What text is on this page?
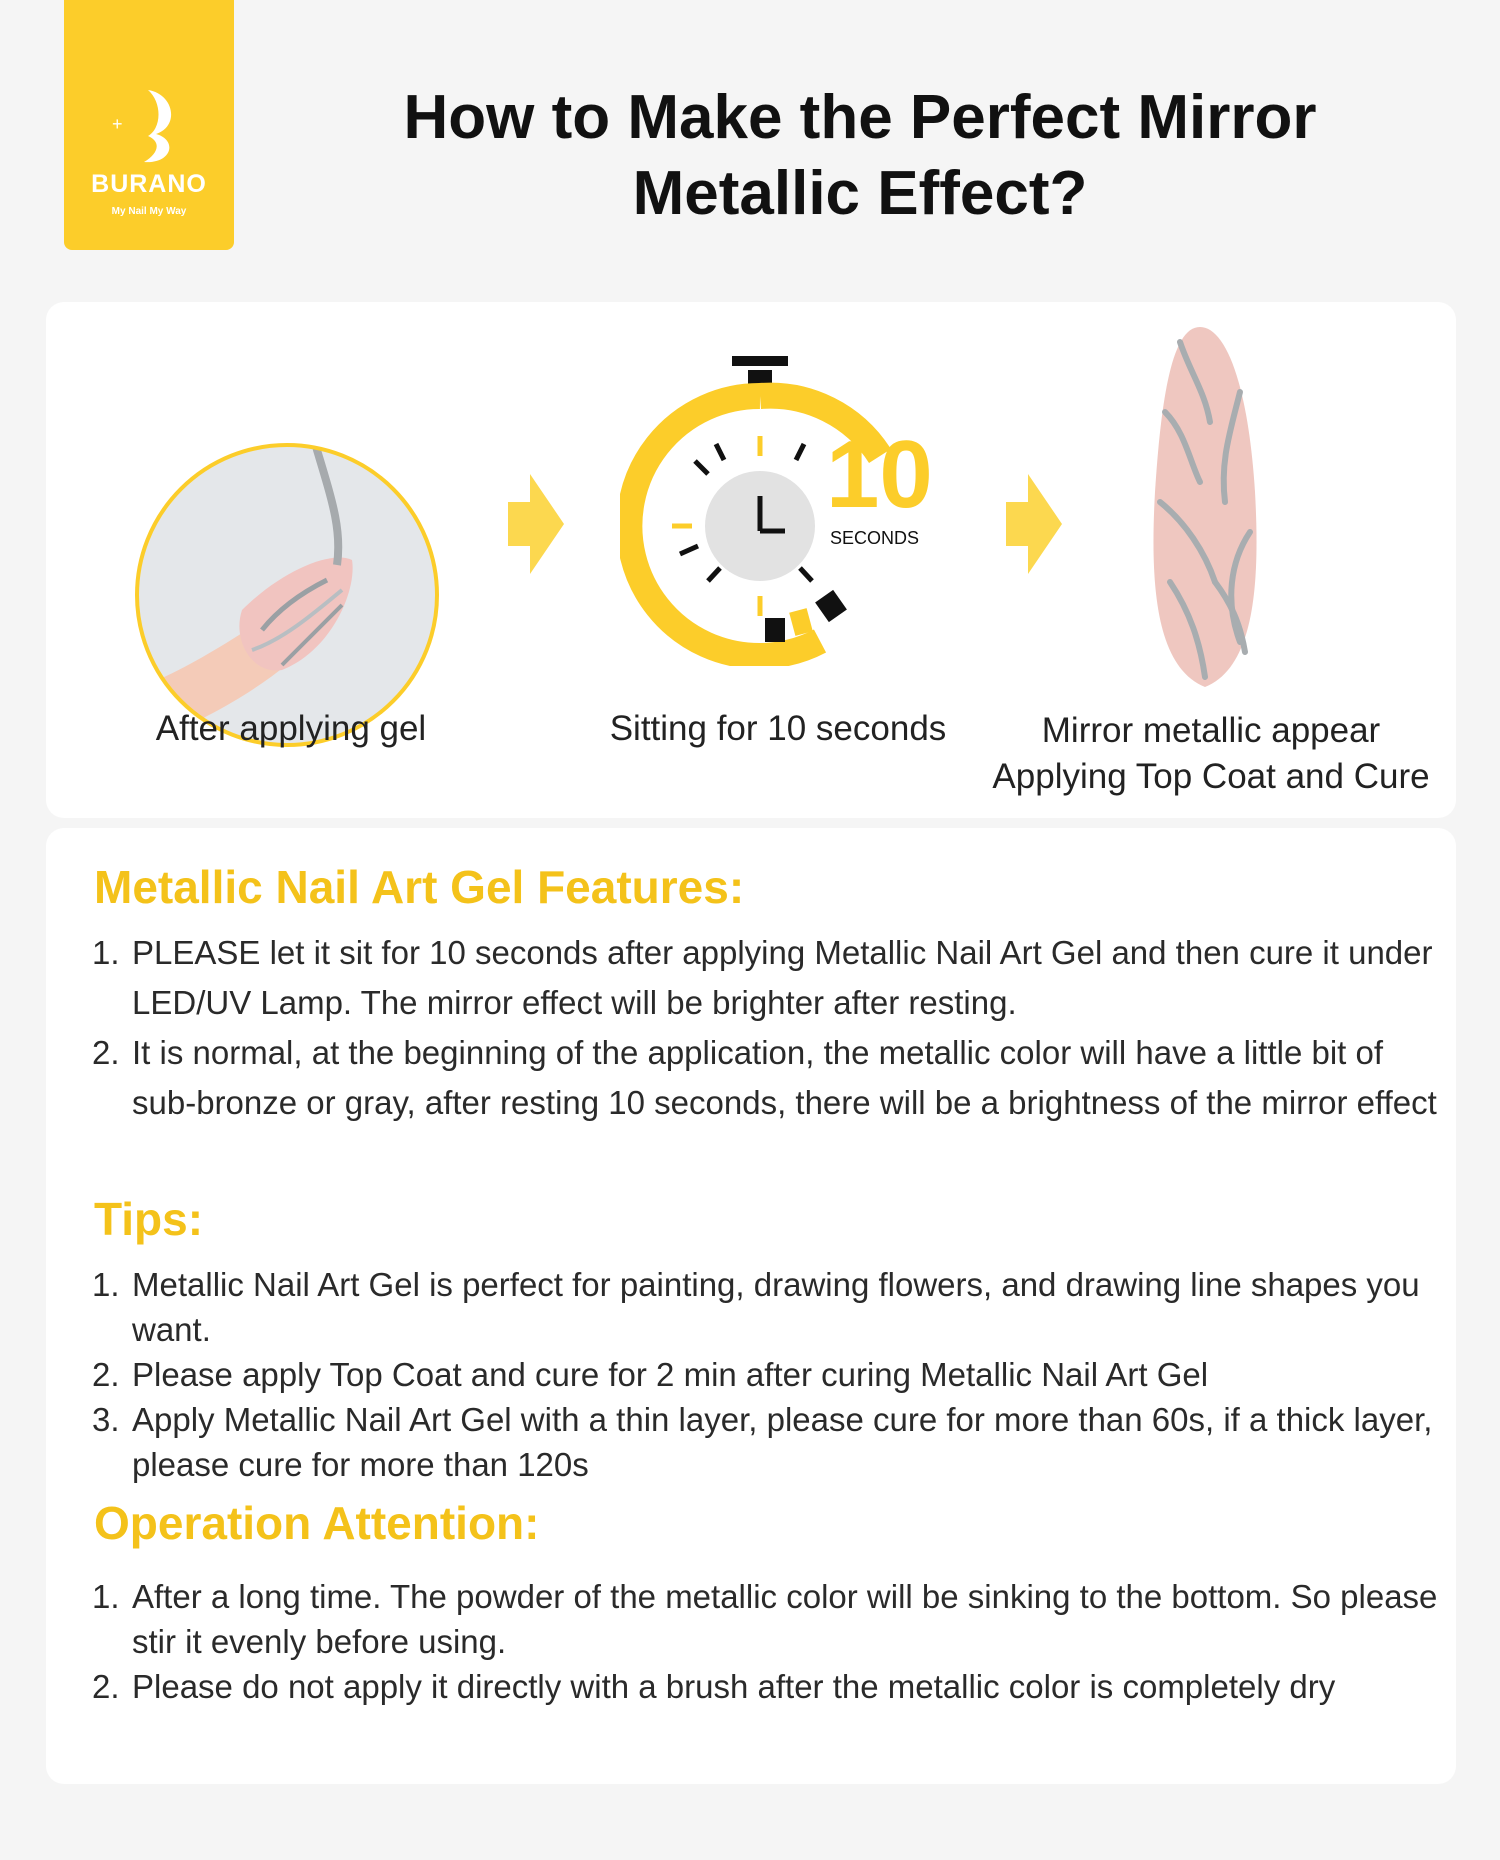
+
BURANO
My Nail My Way
How to Make the Perfect Mirror Metallic Effect?
10
SECONDS
After applying gel	Sitting for 10 seconds	Mirror metallic appear
Applying Top Coat and Cure
Metallic Nail Art Gel Features:
1. PLEASE let it sit for 10 seconds after applying Metallic Nail Art Gel and then cure it under LED/UV Lamp. The mirror effect will be brighter after resting.
2. It is normal, at the beginning of the application, the metallic color will have a little bit of sub-bronze or gray, after resting 10 seconds, there will be a brightness of the mirror effect
Tips:
1. Metallic Nail Art Gel is perfect for painting, drawing flowers, and drawing line shapes you want.
2. Please apply Top Coat and cure for 2 min after curing Metallic Nail Art Gel
3. Apply Metallic Nail Art Gel with a thin layer, please cure for more than 60s, if a thick layer, please cure for more than 120s
Operation Attention:
1. After a long time. The powder of the metallic color will be sinking to the bottom. So please stir it evenly before using.
2. Please do not apply it directly with a brush after the metallic color is completely dry
